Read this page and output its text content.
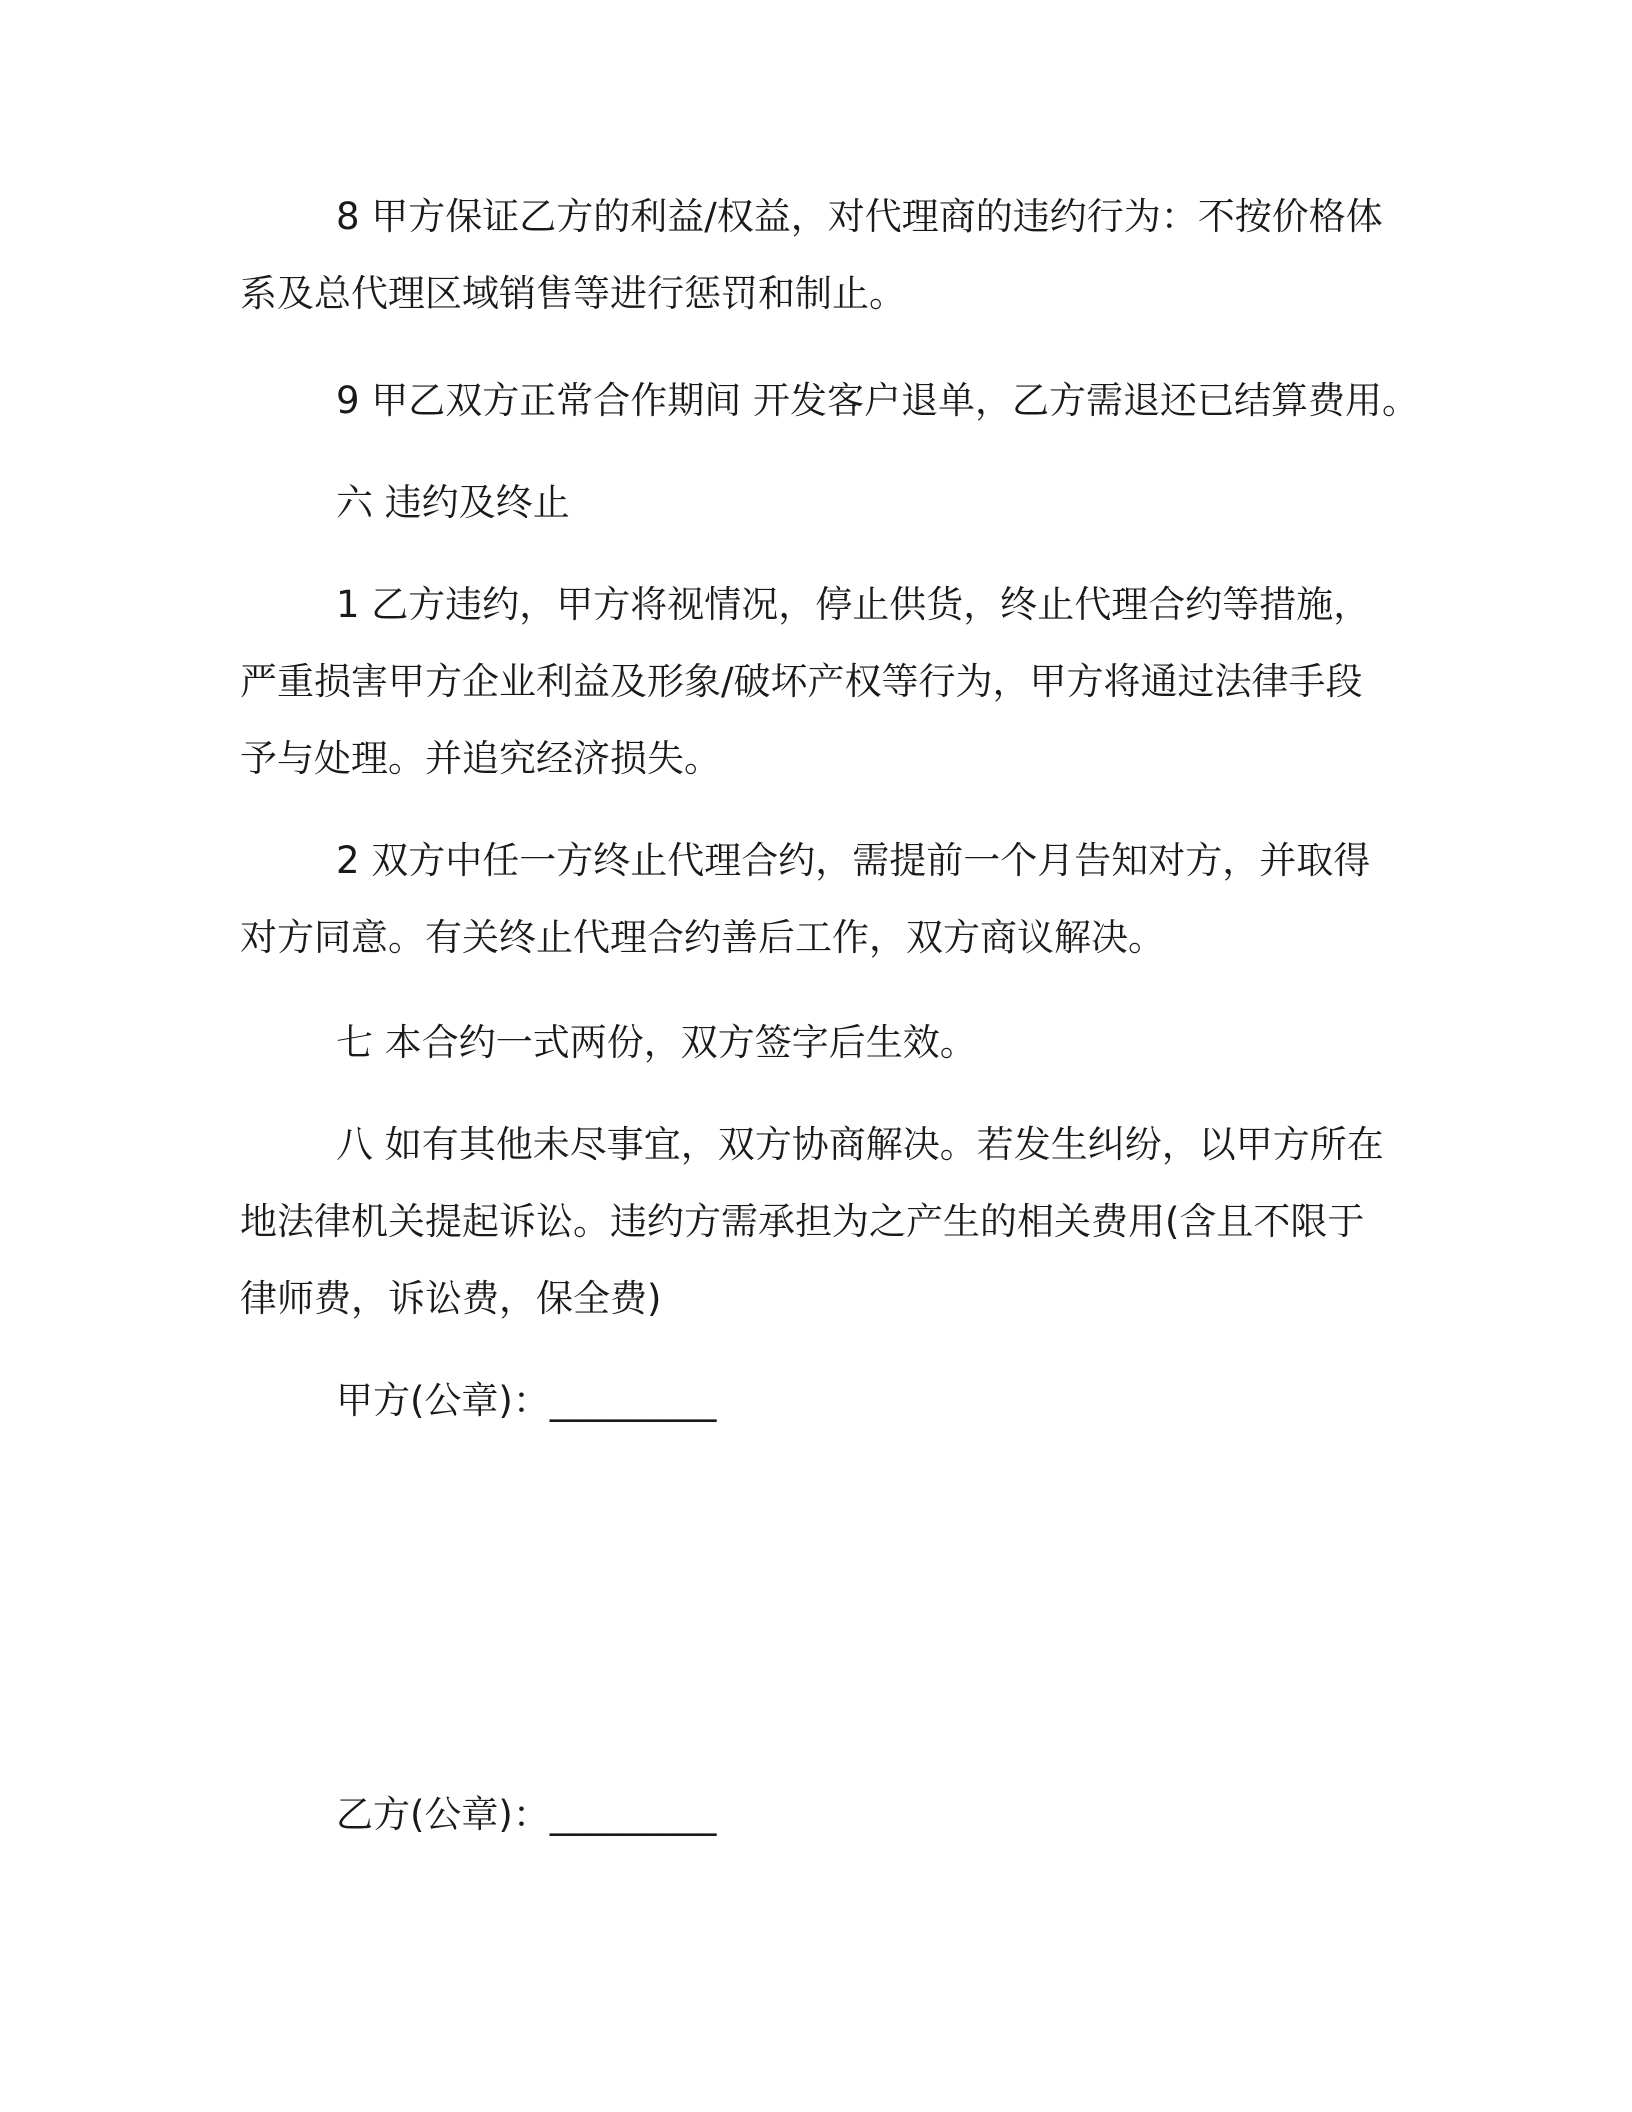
8 甲方保证乙方的利益/权益，对代理商的违约行为：不按价格体
系及总代理区域销售等进行惩罚和制止。

9 甲乙双方正常合作期间 开发客户退单，乙方需退还已结算费用。

六 违约及终止

1 乙方违约，甲方将视情况，停止供货，终止代理合约等措施，
严重损害甲方企业利益及形象/破坏产权等行为，甲方将通过法律手段
予与处理。并追究经济损失。

2 双方中任一方终止代理合约，需提前一个月告知对方，并取得
对方同意。有关终止代理合约善后工作，双方商议解决。

七 本合约一式两份，双方签字后生效。

八 如有其他未尽事宜，双方协商解决。若发生纠纷，以甲方所在
地法律机关提起诉讼。违约方需承担为之产生的相关费用(含且不限于
律师费，诉讼费，保全费)

甲方(公章)：_________

乙方(公章)：_________
